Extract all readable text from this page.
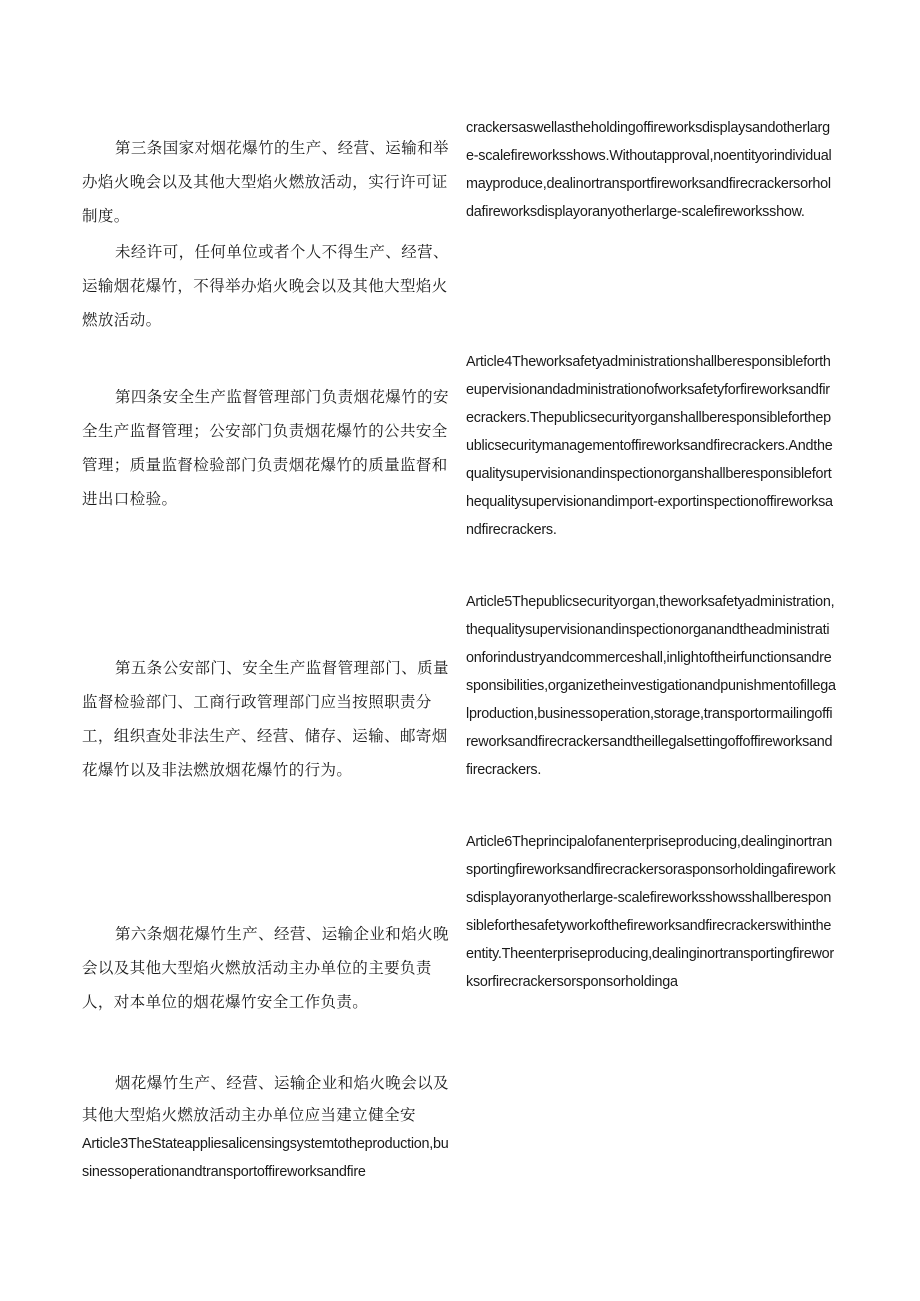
第三条国家对烟花爆竹的生产、经营、运输和举办焰火晚会以及其他大型焰火燃放活动，实行许可证制度。

未经许可，任何单位或者个人不得生产、经营、运输烟花爆竹，不得举办焰火晚会以及其他大型焰火燃放活动。

第四条安全生产监督管理部门负责烟花爆竹的安全生产监督管理；公安部门负责烟花爆竹的公共安全管理；质量监督检验部门负责烟花爆竹的质量监督和进出口检验。

第五条公安部门、安全生产监督管理部门、质量监督检验部门、工商行政管理部门应当按照职责分工，组织查处非法生产、经营、储存、运输、邮寄烟花爆竹以及非法燃放烟花爆竹的行为。

第六条烟花爆竹生产、经营、运输企业和焰火晚会以及其他大型焰火燃放活动主办单位的主要负责人，对本单位的烟花爆竹安全工作负责。

烟花爆竹生产、经营、运输企业和焰火晚会以及其他大型焰火燃放活动主办单位应当建立健全安

Article3TheStateappliesalicensingsystemtotheproduction,businessoperationandtransportoffireworksandfire

crackersaswellastheholdingoffireworksdisplaysandotherlarge-scalefireworksshows.Withoutapproval,noentityorindividualmayproduce,dealinortransportfireworksandfirecrackersorholdafireworksdisplayoranyotherlarge-scalefireworksshow.

Article4Theworksafetyadministrationshallberesponsiblefortheupervisionandadministrationofworksafetyforfireworksandfirecrackers.Thepublicsecurityorganshallberesponsibleforthepublicsecuritymanagementoffireworksandfirecrackers.Andthequalitysupervisionandinspectionorganshallberesponsibleforthequalitysupervisionandimport-exportinspectionoffireworksandfirecrackers.

Article5Thepublicsecurityorgan,theworksafetyadministration,thequalitysupervisionandinspectionorganandtheadministrationforindustryandcommerceshall,inlightoftheirfunctionsandresponsibilities,organizetheinvestigationandpunishmentofillegalproduction,businessoperation,storage,transportormailingoffireworksandfirecrackersandtheillegalsettingoffoffireworksandfirecrackers.

Article6Theprincipalofanenterpriseproducing,dealinginortransportingfireworksandfirecrackersorasponsorholdingafireworksdisplayoranyotherlarge-scalefireworksshowsshallberesponsibleforthesafetyworkofthefireworksandfirecrackerswithintheentity.Theenterpriseproducing,dealinginortransportingfireworksorfirecrackersorsponsorholdinga
